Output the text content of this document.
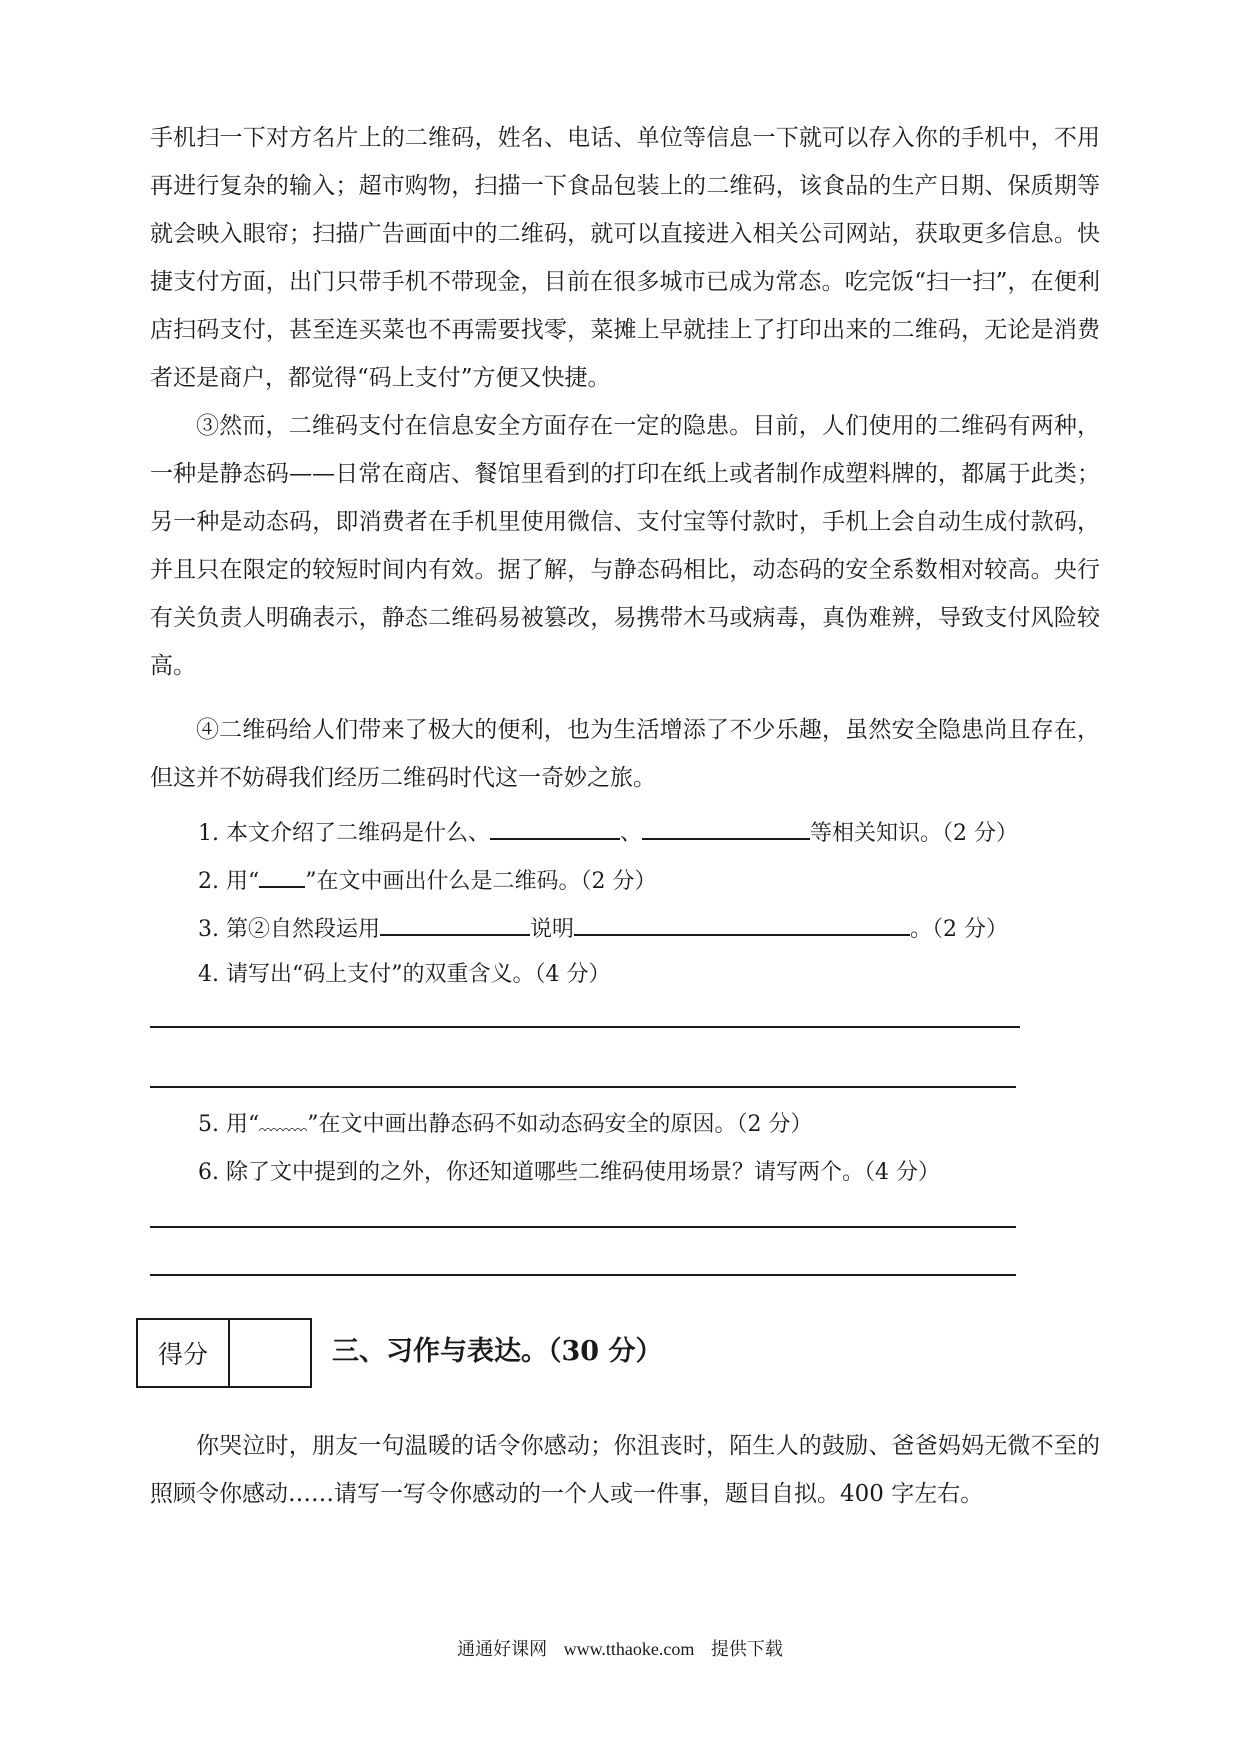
手机扫一下对方名片上的二维码，姓名、电话、单位等信息一下就可以存入你的手机中，不用再进行复杂的输入；超市购物，扫描一下食品包装上的二维码，该食品的生产日期、保质期等就会映入眼帘；扫描广告画面中的二维码，就可以直接进入相关公司网站，获取更多信息。快捷支付方面，出门只带手机不带现金，目前在很多城市已成为常态。吃完饭“扫一扫”，在便利店扫码支付，甚至连买菜也不再需要找零，菜摊上早就挂上了打印出来的二维码，无论是消费者还是商户，都觉得“码上支付”方便又快捷。

③然而，二维码支付在信息安全方面存在一定的隐患。目前，人们使用的二维码有两种，一种是静态码——日常在商店、餐馆里看到的打印在纸上或者制作成塑料牌的，都属于此类；另一种是动态码，即消费者在手机里使用微信、支付宝等付款时，手机上会自动生成付款码，并且只在限定的较短时间内有效。据了解，与静态码相比，动态码的安全系数相对较高。央行有关负责人明确表示，静态二维码易被篡改，易携带木马或病毒，真伪难辨，导致支付风险较高。

④二维码给人们带来了极大的便利，也为生活增添了不少乐趣，虽然安全隐患尚且存在，但这并不妨碍我们经历二维码时代这一奇妙之旅。

1. 本文介绍了二维码是什么、	、	等相关知识。（2 分）
2. 用“ ”在文中画出什么是二维码。（2 分）
3. 第②自然段运用	说明	。（2 分）
4. 请写出“码上支付”的双重含义。（4 分）
5. 用“ ”在文中画出静态码不如动态码安全的原因。（2 分）
6. 除了文中提到的之外，你还知道哪些二维码使用场景？请写两个。（4 分）
得分	三、习作与表达。（30 分）

你哭泣时，朋友一句温暖的话令你感动；你沮丧时，陌生人的鼓励、爸爸妈妈无微不至的照顾令你感动……请写一写令你感动的一个人或一件事，题目自拟。400 字左右。

通通好课网 www.tthaoke.com 提供下载
